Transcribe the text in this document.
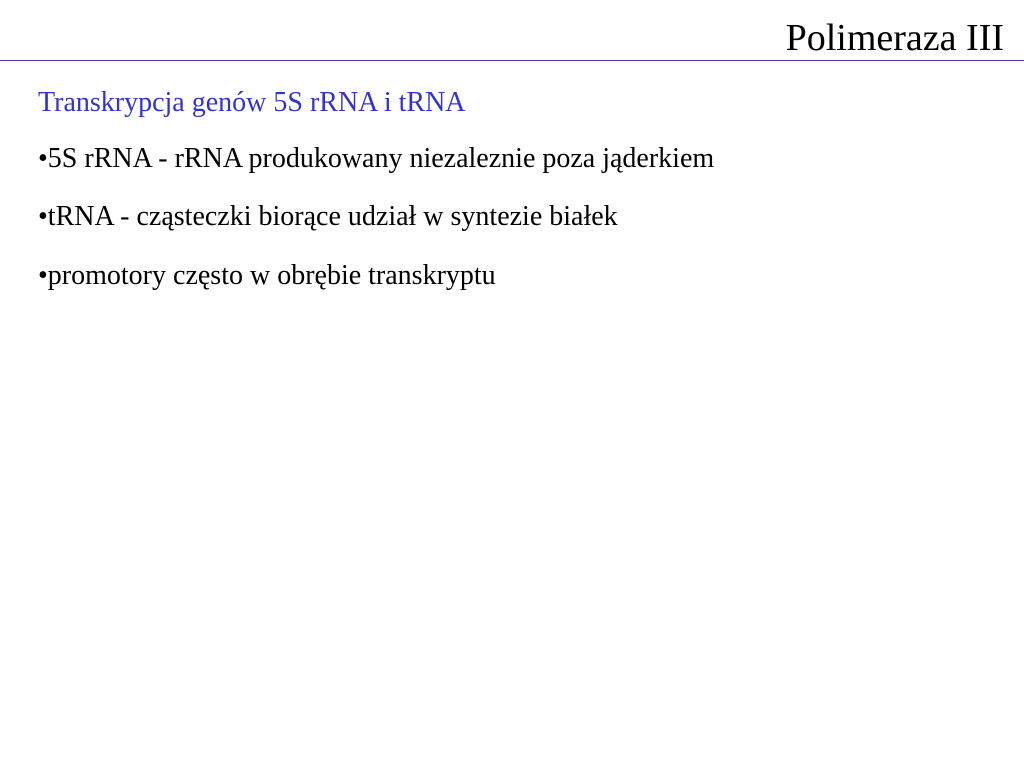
Polimeraza III
Transkrypcja genów 5S rRNA i tRNA
•5S rRNA - rRNA produkowany niezaleznie poza jąderkiem
•tRNA - cząsteczki biorące udział w syntezie białek
•promotory często w obrębie transkryptu
